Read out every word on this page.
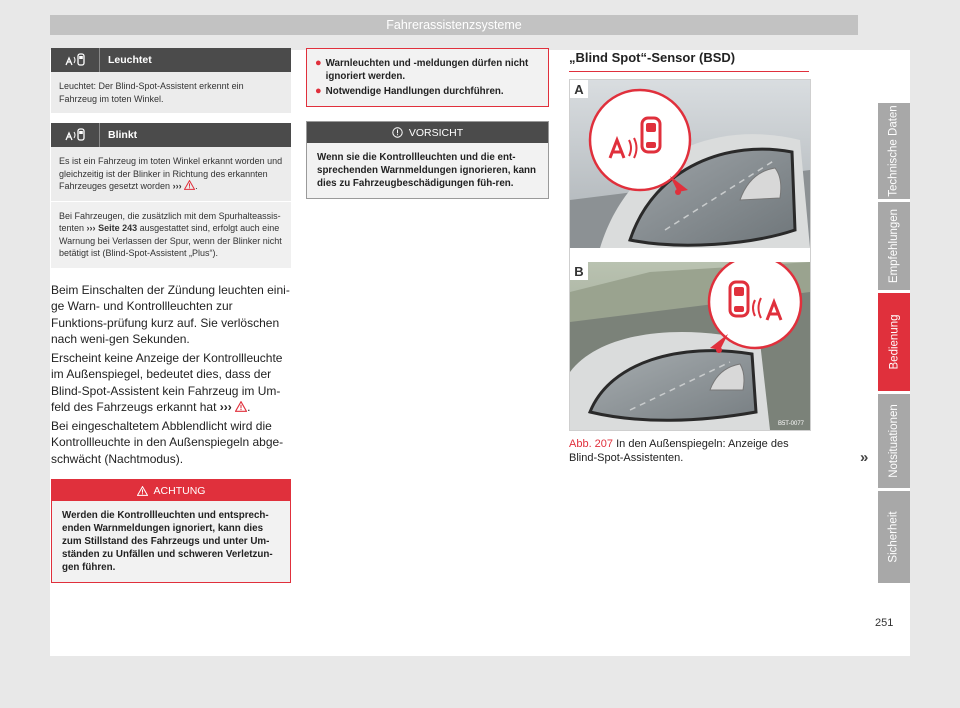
Fahrerassistenzsysteme
Leuchtet
Leuchtet: Der Blind-Spot-Assistent erkennt ein Fahrzeug im toten Winkel.
Blinkt
Es ist ein Fahrzeug im toten Winkel erkannt worden und gleichzeitig ist der Blinker in Richtung des erkannten Fahrzeuges gesetzt worden ››› .
Bei Fahrzeugen, die zusätzlich mit dem Spurhalteassis-tenten ››› Seite 243 ausgestattet sind, erfolgt auch eine Warnung bei Verlassen der Spur, wenn der Blinker nicht betätigt ist (Blind-Spot-Assistent „Plus“).

Beim Einschalten der Zündung leuchten eini-ge Warn- und Kontrollleuchten zur Funktions-prüfung kurz auf. Sie verlöschen nach weni-gen Sekunden.

Erscheint keine Anzeige der Kontrollleuchte im Außenspiegel, bedeutet dies, dass der Blind-Spot-Assistent kein Fahrzeug im Um-feld des Fahrzeugs erkannt hat ››› .

Bei eingeschaltetem Abblendlicht wird die Kontrollleuchte in den Außenspiegeln abge-schwächt (Nachtmodus).

ACHTUNG
Werden die Kontrollleuchten und entsprech-enden Warnmeldungen ignoriert, kann dies zum Stillstand des Fahrzeugs und unter Um-ständen zu Unfällen und schweren Verletzun-gen führen.
● Warnleuchten und -meldungen dürfen nicht ignoriert werden.
● Notwendige Handlungen durchführen.
VORSICHT
Wenn sie die Kontrollleuchten und die ent-sprechenden Warnmeldungen ignorieren, kann dies zu Fahrzeugbeschädigungen füh-ren.
„Blind Spot“-Sensor (BSD)
A
B
B5T-0077
Abb. 207 In den Außenspiegeln: Anzeige des Blind-Spot-Assistenten.	»
Technische Daten
Empfehlungen
Bedienung
Notsituationen
Sicherheit
251
